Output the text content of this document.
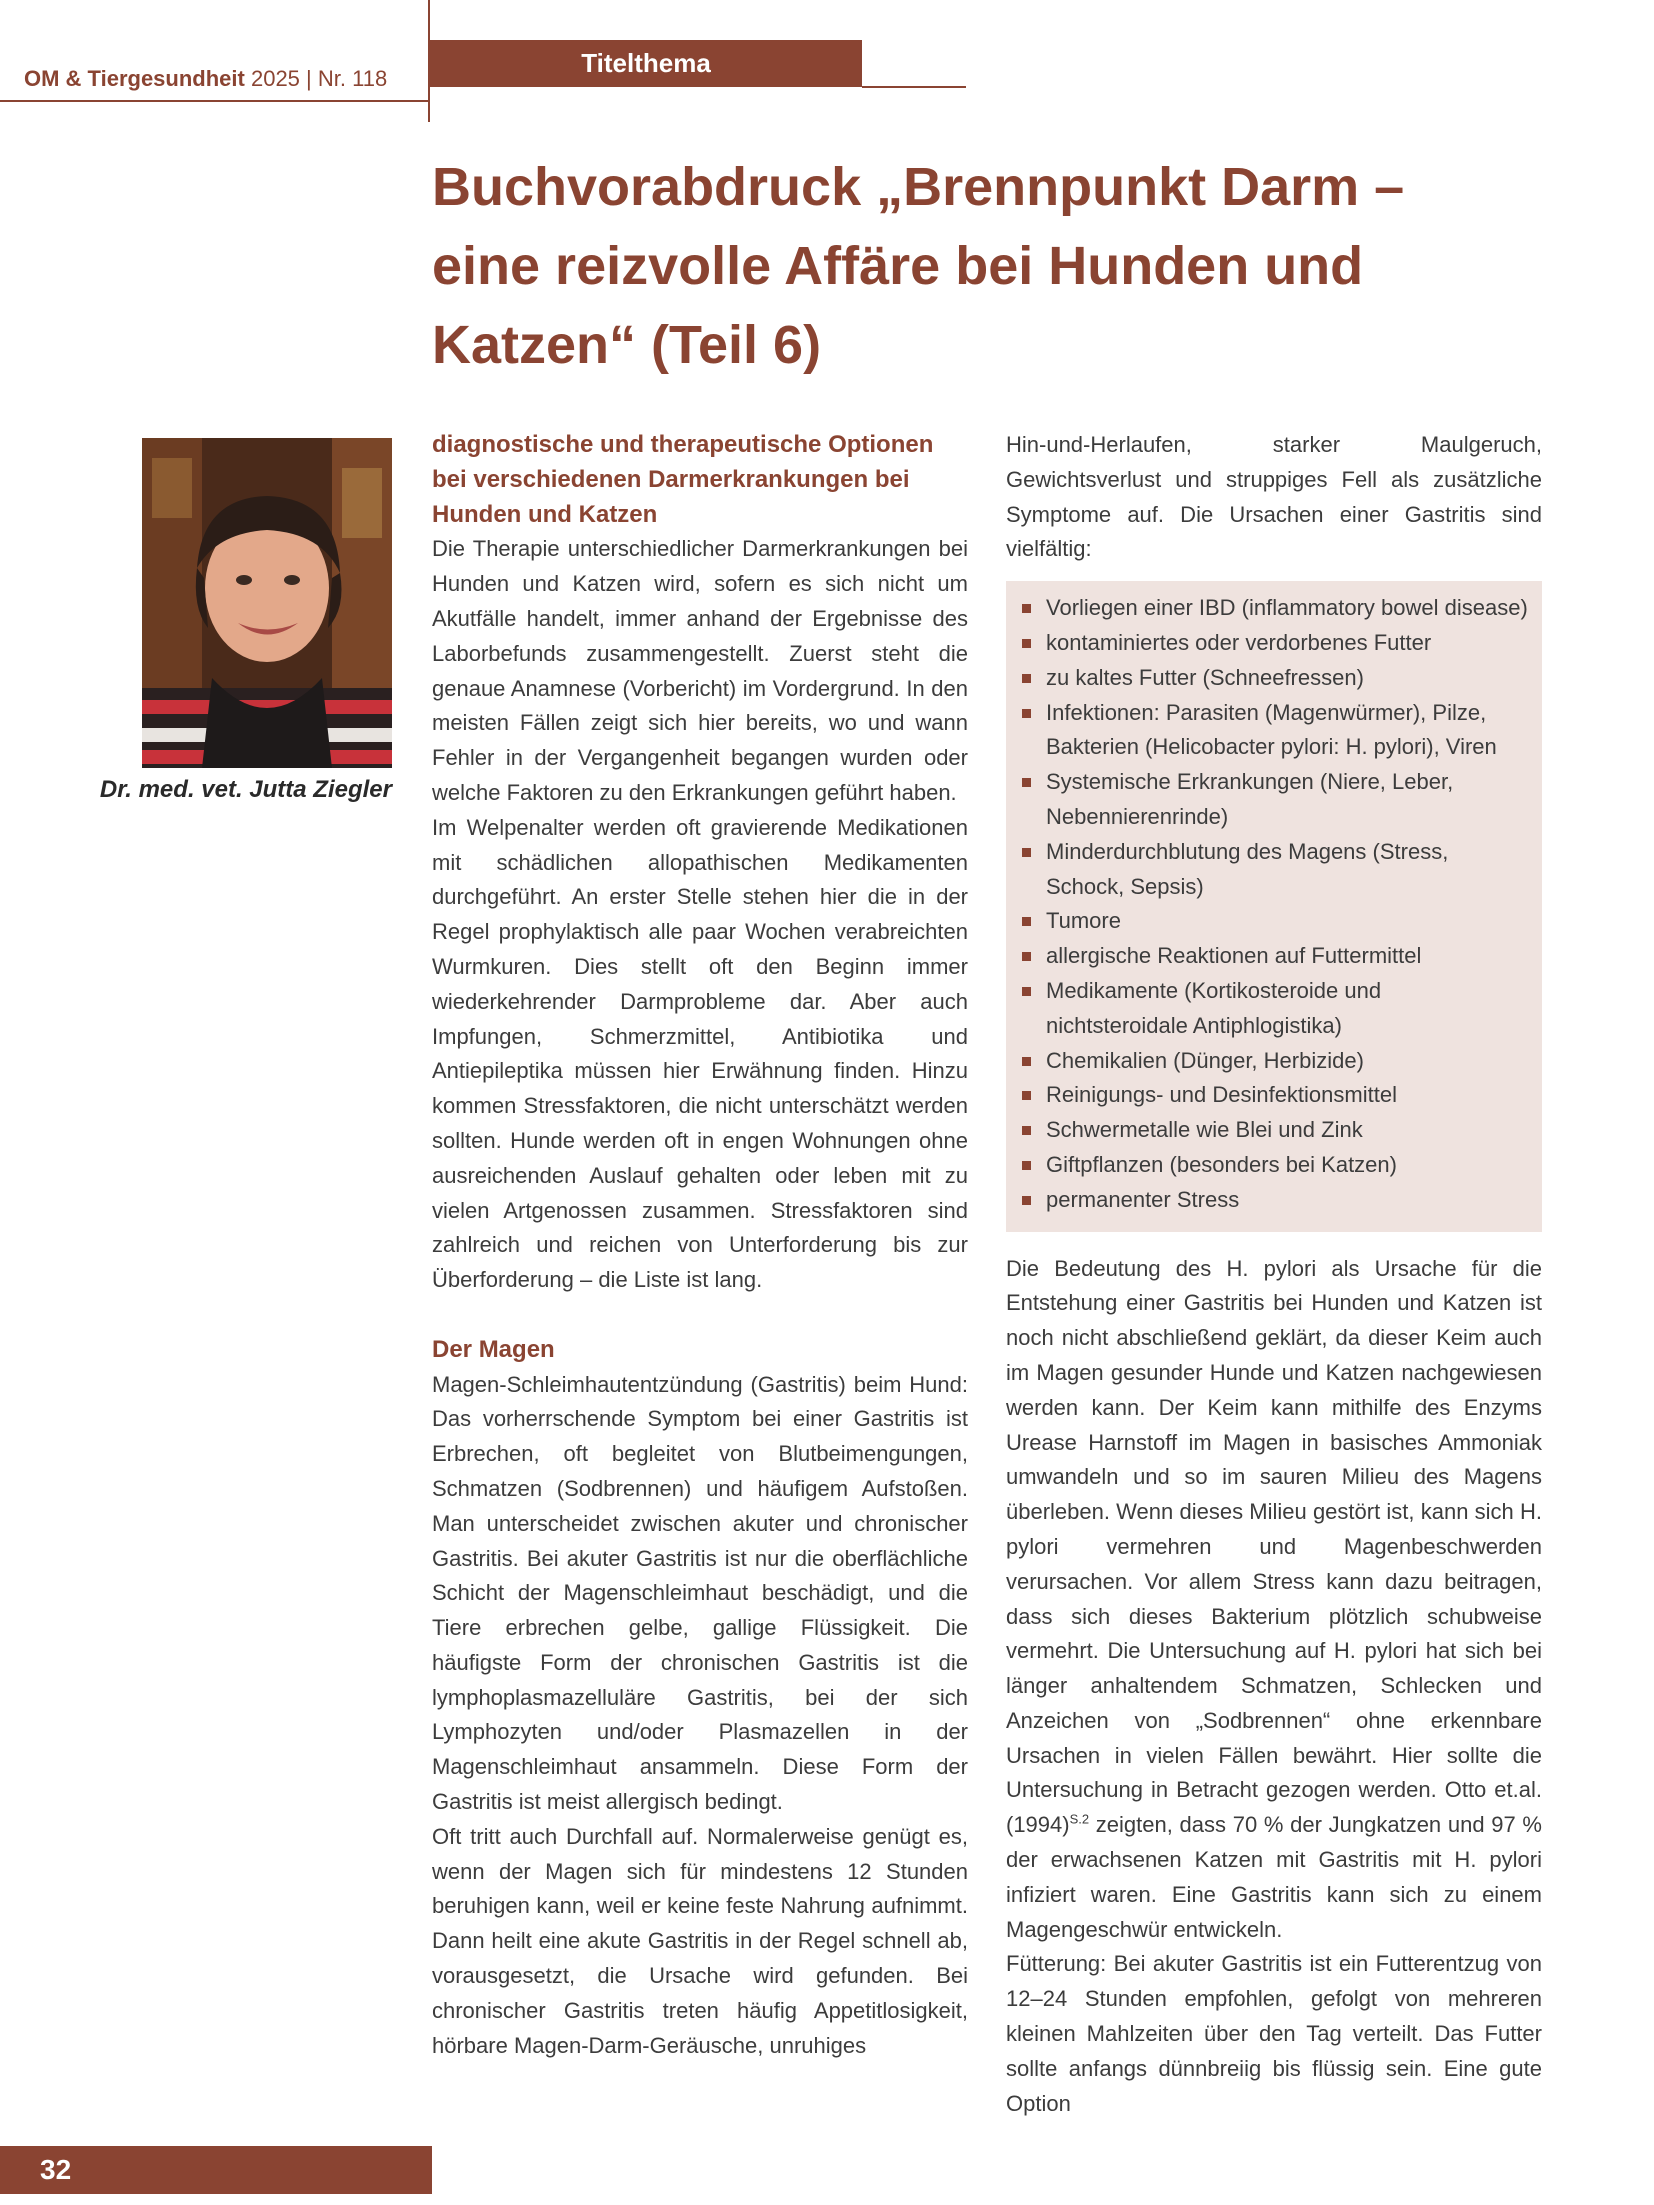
OM & Tiergesundheit 2025 | Nr. 118
Titelthema
Buchvorabdruck „Brennpunkt Darm –
eine reizvolle Affäre bei Hunden und
Katzen“ (Teil 6)
Dr. med. vet. Jutta Ziegler
diagnostische und therapeutische Optionen bei verschiedenen Darmerkrankungen bei Hunden und Katzen

Die Therapie unterschiedlicher Darmerkrankungen bei Hunden und Katzen wird, sofern es sich nicht um Akutfälle handelt, immer anhand der Ergebnisse des Laborbefunds zusammengestellt. Zuerst steht die genaue Anamnese (Vorbericht) im Vordergrund. In den meisten Fällen zeigt sich hier bereits, wo und wann Fehler in der Vergangenheit begangen wurden oder welche Faktoren zu den Erkrankungen geführt haben.

Im Welpenalter werden oft gravierende Medikationen mit schädlichen allopathischen Medikamenten durchgeführt. An erster Stelle stehen hier die in der Regel prophylaktisch alle paar Wochen verabreichten Wurmkuren. Dies stellt oft den Beginn immer wiederkehrender Darmprobleme dar. Aber auch Impfungen, Schmerzmittel, Antibiotika und Antiepileptika müssen hier Erwähnung finden. Hinzu kommen Stressfaktoren, die nicht unterschätzt werden sollten. Hunde werden oft in engen Wohnungen ohne ausreichenden Auslauf gehalten oder leben mit zu vielen Artgenossen zusammen. Stressfaktoren sind zahlreich und reichen von Unterforderung bis zur Überforderung – die Liste ist lang.

Der Magen

Magen-Schleimhautentzündung (Gastritis) beim Hund: Das vorherrschende Symptom bei einer Gastritis ist Erbrechen, oft begleitet von Blutbeimengungen, Schmatzen (Sodbrennen) und häufigem Aufstoßen. Man unterscheidet zwischen akuter und chronischer Gastritis. Bei akuter Gastritis ist nur die oberflächliche Schicht der Magenschleimhaut beschädigt, und die Tiere erbrechen gelbe, gallige Flüssigkeit. Die häufigste Form der chronischen Gastritis ist die lymphoplasmazelluläre Gastritis, bei der sich Lymphozyten und/oder Plasmazellen in der Magenschleimhaut ansammeln. Diese Form der Gastritis ist meist allergisch bedingt.

Oft tritt auch Durchfall auf. Normalerweise genügt es, wenn der Magen sich für mindestens 12 Stunden beruhigen kann, weil er keine feste Nahrung aufnimmt. Dann heilt eine akute Gastritis in der Regel schnell ab, vorausgesetzt, die Ursache wird gefunden. Bei chronischer Gastritis treten häufig Appetitlosigkeit, hörbare Magen-Darm-Geräusche, unruhiges

Hin-und-Herlaufen, starker Maulgeruch, Gewichtsverlust und struppiges Fell als zusätzliche Symptome auf. Die Ursachen einer Gastritis sind vielfältig:

Vorliegen einer IBD (inflammatory bowel disease)
kontaminiertes oder verdorbenes Futter
zu kaltes Futter (Schneefressen)
Infektionen: Parasiten (Magenwürmer), Pilze, Bakterien (Helicobacter pylori: H. pylori), Viren
Systemische Erkrankungen (Niere, Leber, Nebennierenrinde)
Minderdurchblutung des Magens (Stress, Schock, Sepsis)
Tumore
allergische Reaktionen auf Futtermittel
Medikamente (Kortikosteroide und nichtsteroidale Antiphlogistika)
Chemikalien (Dünger, Herbizide)
Reinigungs- und Desinfektionsmittel
Schwermetalle wie Blei und Zink
Giftpflanzen (besonders bei Katzen)
permanenter Stress

Die Bedeutung des H. pylori als Ursache für die Entstehung einer Gastritis bei Hunden und Katzen ist noch nicht abschließend geklärt, da dieser Keim auch im Magen gesunder Hunde und Katzen nachgewiesen werden kann. Der Keim kann mithilfe des Enzyms Urease Harnstoff im Magen in basisches Ammoniak umwandeln und so im sauren Milieu des Magens überleben. Wenn dieses Milieu gestört ist, kann sich H. pylori vermehren und Magenbeschwerden verursachen. Vor allem Stress kann dazu beitragen, dass sich dieses Bakterium plötzlich schubweise vermehrt. Die Untersuchung auf H. pylori hat sich bei länger anhaltendem Schmatzen, Schlecken und Anzeichen von „Sodbrennen“ ohne erkennbare Ursachen in vielen Fällen bewährt. Hier sollte die Untersuchung in Betracht gezogen werden. Otto et.al. $(1994)^{S.2}$ zeigten, dass 70 % der Jungkatzen und 97 % der erwachsenen Katzen mit Gastritis mit H. pylori infiziert waren. Eine Gastritis kann sich zu einem Magengeschwür entwickeln.

Fütterung: Bei akuter Gastritis ist ein Futterentzug von 12–24 Stunden empfohlen, gefolgt von mehreren kleinen Mahlzeiten über den Tag verteilt. Das Futter sollte anfangs dünnbreiig bis flüssig sein. Eine gute Option

32
